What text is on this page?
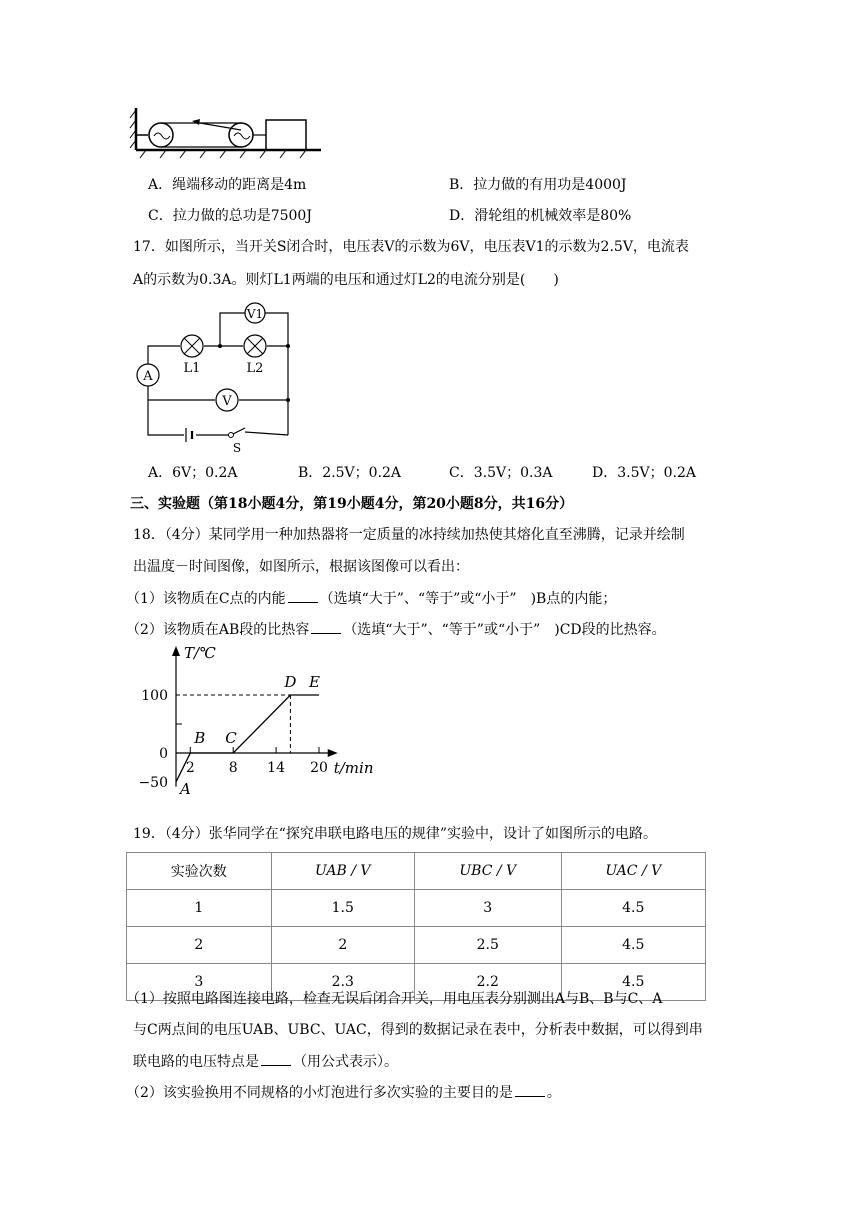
A．绳端移动的距离是4m	B．拉力做的有用功是4000J
C．拉力做的总功是7500J	D．滑轮组的机械效率是80%
17．如图所示，当开关S闭合时，电压表V的示数为6V，电压表V1的示数为2.5V，电流表
A的示数为0.3A。则灯L1两端的电压和通过灯L2的电流分别是(　　)
A
L1	L2
V1
V
S
A．6V；0.2A	B．2.5V；0.2A	C．3.5V；0.3A	D．3.5V；0.2A
三、实验题（第18小题4分，第19小题4分，第20小题8分，共16分）
18．（4分）某同学用一种加热器将一定质量的冰持续加热使其熔化直至沸腾，记录并绘制
出温度－时间图像，如图所示，根据该图像可以看出：
（1）该物质在C点的内能 （选填“大于”、“等于”或“小于”　)B点的内能；
（2）该物质在AB段的比热容 （选填“大于”、“等于”或“小于”　)CD段的比热容。
T/℃
t/min
100
0
−50
2 8 14 20
A
B C
D E
19．（4分）张华同学在“探究串联电路电压的规律”实验中，设计了如图所示的电路。
实验次数	UAB / V	UBC / V	UAC / V
1	1.5	3	4.5
2	2	2.5	4.5
3	2.3	2.2	4.5
（1）按照电路图连接电路，检查无误后闭合开关，用电压表分别测出A与B、B与C、A
与C两点间的电压UAB、UBC、UAC，得到的数据记录在表中，分析表中数据，可以得到串
联电路的电压特点是 （用公式表示）。
（2）该实验换用不同规格的小灯泡进行多次实验的主要目的是 。
